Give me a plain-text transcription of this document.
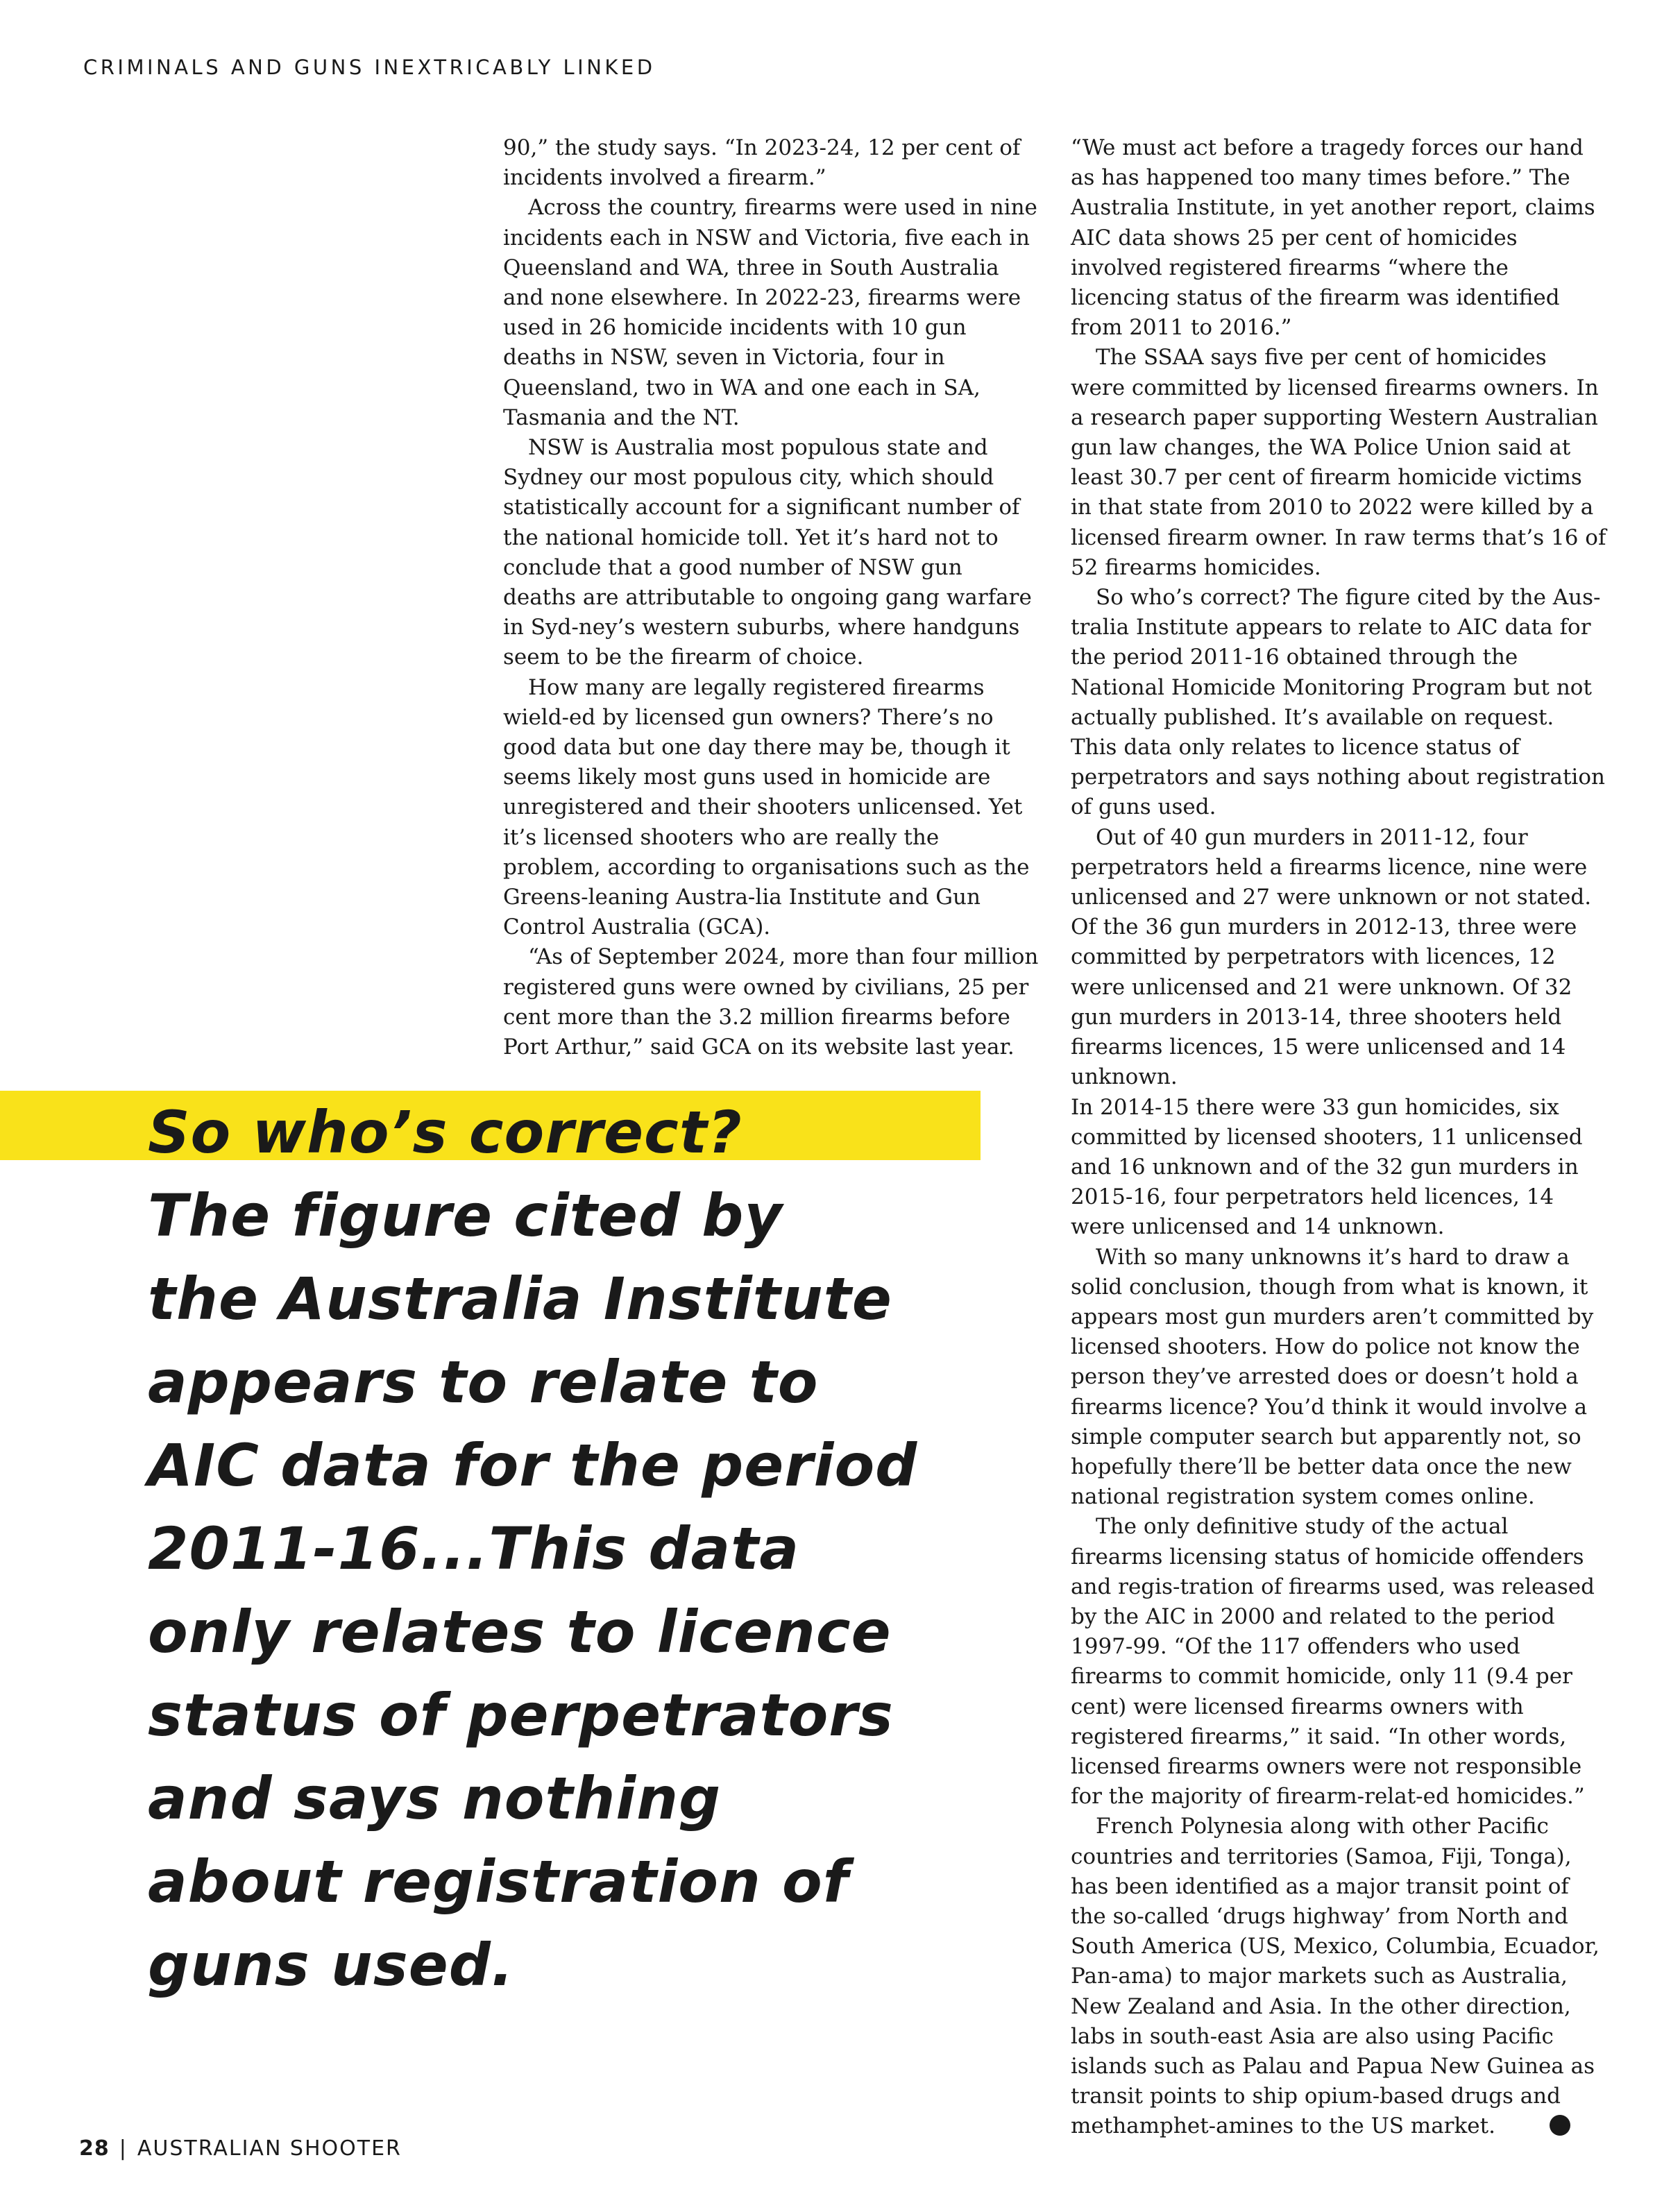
CRIMINALS AND GUNS INEXTRICABLY LINKED

90,” the study says. “In 2023-24, 12 per cent of incidents involved a firearm.”

Across the country, firearms were used in nine incidents each in NSW and Victoria, five each in Queensland and WA, three in South Australia and none elsewhere. In 2022-23, firearms were used in 26 homicide incidents with 10 gun deaths in NSW, seven in Victoria, four in Queensland, two in WA and one each in SA, Tasmania and the NT.

NSW is Australia most populous state and Sydney our most populous city, which should statistically account for a significant number of the national homicide toll. Yet it’s hard not to conclude that a good number of NSW gun deaths are attributable to ongoing gang warfare in Syd-ney’s western suburbs, where handguns seem to be the firearm of choice.

How many are legally registered firearms wield-ed by licensed gun owners? There’s no good data but one day there may be, though it seems likely most guns used in homicide are unregistered and their shooters unlicensed. Yet it’s licensed shooters who are really the problem, according to organisations such as the Greens-leaning Austra-lia Institute and Gun Control Australia (GCA).

“As of September 2024, more than four million registered guns were owned by civilians, 25 per cent more than the 3.2 million firearms before Port Arthur,” said GCA on its website last year.

“We must act before a tragedy forces our hand as has happened too many times before.” The Australia Institute, in yet another report, claims AIC data shows 25 per cent of homicides involved registered firearms “where the licencing status of the firearm was identified from 2011 to 2016.”

The SSAA says five per cent of homicides were committed by licensed firearms owners. In a research paper supporting Western Australian gun law changes, the WA Police Union said at least 30.7 per cent of firearm homicide victims in that state from 2010 to 2022 were killed by a licensed firearm owner. In raw terms that’s 16 of 52 firearms homicides.

So who’s correct? The figure cited by the Aus-tralia Institute appears to relate to AIC data for the period 2011-16 obtained through the National Homicide Monitoring Program but not actually published. It’s available on request. This data only relates to licence status of perpetrators and says nothing about registration of guns used.

Out of 40 gun murders in 2011-12, four perpetrators held a firearms licence, nine were unlicensed and 27 were unknown or not stated. Of the 36 gun murders in 2012-13, three were committed by perpetrators with licences, 12 were unlicensed and 21 were unknown. Of 32 gun murders in 2013-14, three shooters held firearms licences, 15 were unlicensed and 14 unknown.

In 2014-15 there were 33 gun homicides, six committed by licensed shooters, 11 unlicensed and 16 unknown and of the 32 gun murders in 2015-16, four perpetrators held licences, 14 were unlicensed and 14 unknown.

With so many unknowns it’s hard to draw a solid conclusion, though from what is known, it appears most gun murders aren’t committed by licensed shooters. How do police not know the person they’ve arrested does or doesn’t hold a firearms licence? You’d think it would involve a simple computer search but apparently not, so hopefully there’ll be better data once the new national registration system comes online.

The only definitive study of the actual firearms licensing status of homicide offenders and regis-tration of firearms used, was released by the AIC in 2000 and related to the period 1997-99. “Of the 117 offenders who used firearms to commit homicide, only 11 (9.4 per cent) were licensed firearms owners with registered firearms,” it said. “In other words, licensed firearms owners were not responsible for the majority of firearm-relat-ed homicides.”

French Polynesia along with other Pacific countries and territories (Samoa, Fiji, Tonga), has been identified as a major transit point of the so-called ‘drugs highway’ from North and South America (US, Mexico, Columbia, Ecuador, Pan-ama) to major markets such as Australia, New Zealand and Asia. In the other direction, labs in south-east Asia are also using Pacific islands such as Palau and Papua New Guinea as transit points to ship opium-based drugs and methamphet-amines to the US market.

So who’s correct?
The figure cited by
the Australia Institute
appears to relate to
AIC data for the period
2011-16...This data
only relates to licence
status of perpetrators
and says nothing
about registration of
guns used.
28 | AUSTRALIAN SHOOTER
